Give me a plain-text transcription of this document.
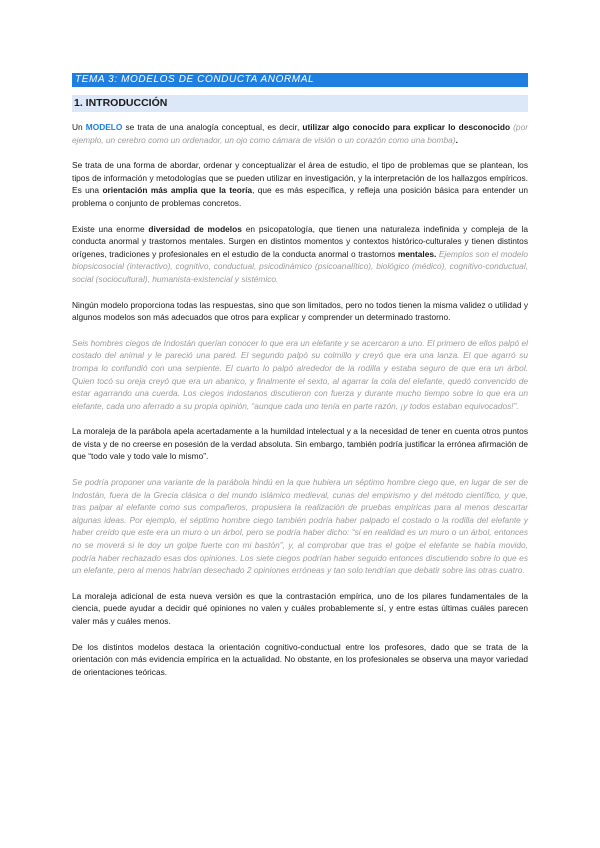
TEMA 3: MODELOS DE CONDUCTA ANORMAL
1. INTRODUCCIÓN

Un MODELO se trata de una analogía conceptual, es decir, utilizar algo conocido para explicar lo desconocido (por ejemplo, un cerebro como un ordenador, un ojo como cámara de visión o un corazón como una bomba).

Se trata de una forma de abordar, ordenar y conceptualizar el área de estudio, el tipo de problemas que se plantean, los tipos de información y metodologías que se pueden utilizar en investigación, y la interpretación de los hallazgos empíricos. Es una orientación más amplia que la teoría, que es más específica, y refleja una posición básica para entender un problema o conjunto de problemas concretos.

Existe una enorme diversidad de modelos en psicopatología, que tienen una naturaleza indefinida y compleja de la conducta anormal y trastornos mentales. Surgen en distintos momentos y contextos histórico-culturales y tienen distintos orígenes, tradiciones y profesionales en el estudio de la conducta anormal o trastornos mentales. Ejemplos son el modelo biopsicosocial (interactivo), cognitivo, conductual, psicodinámico (psicoanalítico), biológico (médico), cognitivo-conductual, social (sociocultural), humanista-existencial y sistémico.

Ningún modelo proporciona todas las respuestas, sino que son limitados, pero no todos tienen la misma validez o utilidad y algunos modelos son más adecuados que otros para explicar y comprender un determinado trastorno.

Seis hombres ciegos de Indostán querían conocer lo que era un elefante y se acercaron a uno. El primero de ellos palpó el costado del animal y le pareció una pared. El segundo palpó su colmillo y creyó que era una lanza. El que agarró su trompa lo confundió con una serpiente. El cuarto lo palpó alrededor de la rodilla y estaba seguro de que era un árbol. Quien tocó su oreja creyó que era un abanico, y finalmente el sexto, al agarrar la cola del elefante, quedó convencido de estar agarrando una cuerda. Los ciegos indostanos discutieron con fuerza y durante mucho tiempo sobre lo que era un elefante, cada uno aferrado a su propia opinión, “aunque cada uno tenía en parte razón, ¡y todos estaban equivocados!”.

La moraleja de la parábola apela acertadamente a la humildad intelectual y a la necesidad de tener en cuenta otros puntos de vista y de no creerse en posesión de la verdad absoluta. Sin embargo, también podría justificar la errónea afirmación de que “todo vale y todo vale lo mismo”.

Se podría proponer una variante de la parábola hindú en la que hubiera un séptimo hombre ciego que, en lugar de ser de Indostán, fuera de la Grecia clásica o del mundo islámico medieval, cunas del empirismo y del método científico, y que, tras palpar al elefante como sus compañeros, propusiera la realización de pruebas empíricas para al menos descartar algunas ideas. Por ejemplo, el séptimo hombre ciego también podría haber palpado el costado o la rodilla del elefante y haber creído que este era un muro o un árbol, pero se podría haber dicho: “si en realidad es un muro o un árbol, entonces no se moverá si le doy un golpe fuerte con mi bastón”, y, al comprobar que tras el golpe el elefante se había movido, podría haber rechazado esas dos opiniones. Los siete ciegos podrían haber seguido entonces discutiendo sobre lo que es un elefante, pero al menos habrían desechado 2 opiniones erróneas y tan solo tendrían que debatir sobre las otras cuatro.

La moraleja adicional de esta nueva versión es que la contrastación empírica, uno de los pilares fundamentales de la ciencia, puede ayudar a decidir qué opiniones no valen y cuáles probablemente sí, y entre estas últimas cuáles parecen valer más y cuáles menos.

De los distintos modelos destaca la orientación cognitivo-conductual entre los profesores, dado que se trata de la orientación con más evidencia empírica en la actualidad. No obstante, en los profesionales se observa una mayor variedad de orientaciones teóricas.
